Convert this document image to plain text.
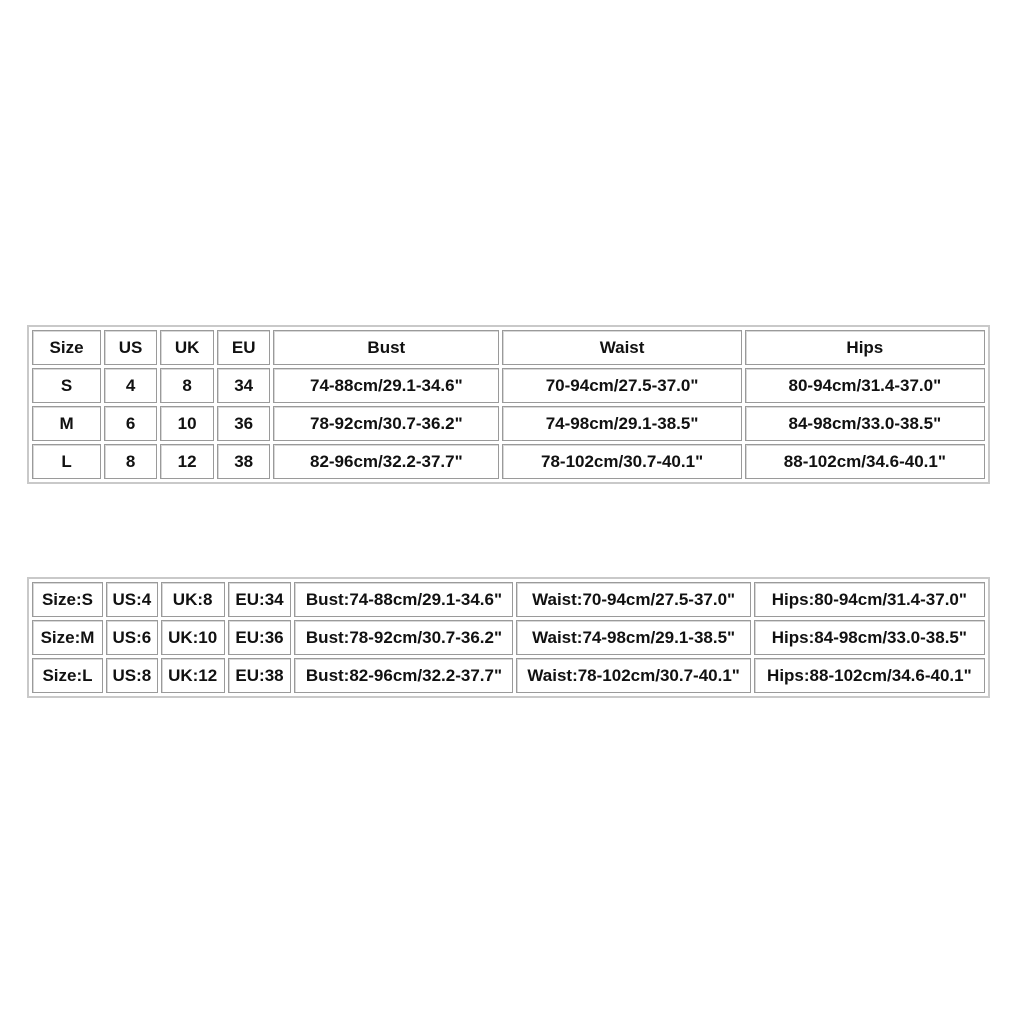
Size	US	UK	EU	Bust	Waist	Hips
S	4	8	34	74-88cm/29.1-34.6"	70-94cm/27.5-37.0"	80-94cm/31.4-37.0"
M	6	10	36	78-92cm/30.7-36.2"	74-98cm/29.1-38.5"	84-98cm/33.0-38.5"
L	8	12	38	82-96cm/32.2-37.7"	78-102cm/30.7-40.1"	88-102cm/34.6-40.1"
Size:S	US:4	UK:8	EU:34	Bust:74-88cm/29.1-34.6"	Waist:70-94cm/27.5-37.0"	Hips:80-94cm/31.4-37.0"
Size:M	US:6	UK:10	EU:36	Bust:78-92cm/30.7-36.2"	Waist:74-98cm/29.1-38.5"	Hips:84-98cm/33.0-38.5"
Size:L	US:8	UK:12	EU:38	Bust:82-96cm/32.2-37.7"	Waist:78-102cm/30.7-40.1"	Hips:88-102cm/34.6-40.1"
